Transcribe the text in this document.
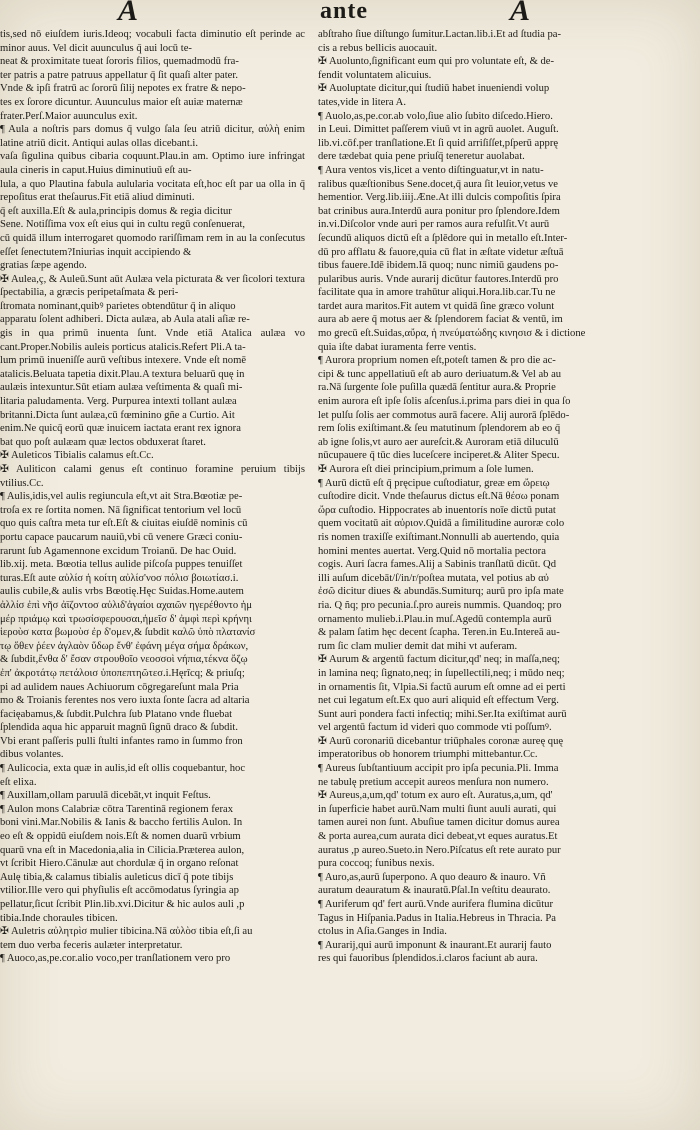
A	ante	A

tis,sed nō eiuſdem iuris.Ideoq; vocabuli facta diminutio eſt perinde ac minor auus. Vel dicit auunculus q̄ aui locū te-

neat & proximitate tueat ſororis filios, quemadmodū fra-

ter patris a patre patruus appellatur q̄ ſit quaſi alter pater.

Vnde & ipſi fratrū ac ſororū ſilij nepotes ex fratre & nepo-

tes ex ſorore dicuntur. Auunculus maior eſt auiæ maternæ

frater.Perſ.Maior auunculus exit.

¶ Aula a noſtris pars domus q̄ vulgo ſala ſeu atriū dicitur, αὐλὴ enim latine atriū dicit. Antiqui aulas ollas dicebant.i.

vaſa ſigulina quibus cibaria coquunt.Plau.in am. Optimo iure infringat aula cineris in caput.Huius diminutiuū eſt au-

lula, a quo Plautina fabula aulularia vocitata eſt,hoc eſt par ua olla in q̄ repoſitus erat theſaurus.Fit etiā aliud diminuti.

q̄ eſt auxilla.Eſt & aula,principis domus & regia dicitur

Sene. Notiſſima vox eſt eius qui in cultu regū conſenuerat,

cū quidā illum interrogaret quomodo rariſſimam rem in au la conſecutus eſſet ſenectutem?Iniurias inquit accipiendo &

gratias ſæpe agendo.

✠ Aulea,ç, & Auleū.Sunt aūt Aulæa vela picturata & ver ſicolori textura ſpectabilia, a græcis peripetaſmata & peri-

ſtromata nominant,quibꝰ parietes obtendūtur q̄ in aliquo

apparatu ſolent adhiberi. Dicta aulæa, ab Aula atali aſiæ re-

gis in qua primū inuenta ſunt. Vnde etiā Atalica aulæa vo cant.Proper.Nobilis auleis porticus atalicis.Refert Pli.A ta-

lum primū inueniſſe aurū veſtibus intexere. Vnde eſt nomē

atalicis.Beluata tapetia dixit.Plau.A textura beluarū quę in

aulæis intexuntur.Sūt etiam aulæa veſtimenta & quaſi mi-

litaria paludamenta. Verg. Purpurea intexti tollant aulæa

britanni.Dicta ſunt aulæa,cū fœminino gñe a Curtio. Ait

enim.Ne quicq̄ eorū quæ inuicem iactata erant rex ignora

bat quo poſt aulæam quæ lectos obduxerat ſtaret.

✠ Auleticos Tibialis calamus eſt.Cc.

✠ Auliticon calami genus eſt continuo foramine peruium tibijs vtilius.Cc.

¶ Aulis,idis,vel aulis regiuncula eſt,vt ait Stra.Bœotiæ pe-

troſa ex re ſortita nomen. Nā ſignificat tentorium vel locū

quo quis caſtra meta tur eſt.Eſt & ciuitas eiuſdē nominis cū

portu capace paucarum nauiū,vbi cū venere Græci coniu-

rarunt ſub Agamennone excidum Troianū. De hac Ouid.

lib.xij. meta. Bœotia tellus aulide piſcoſa puppes tenuiſſet

turas.Eſt aute αὐλίσ ἡ κοίτη αὐλίσ'νοσ πόλισ βοιωτίασ.i.

aulis cubile,& aulis vrbs Bœotię.Hęc Suidas.Home.autem

ἀλλίσ ἐπὶ νῆσ ἀϊζοντοσ αὐλιδ'ἀγαίοι αχαιῶν ηγερέθοντο ἡμ

μέρ πριάμῳ καὶ τρωσίσφερουσαι,ἡμεῖσ δ' ἀμφὶ περὶ κρήνηι

ἱεροὺσ κατα βωμοὺσ ἐρ δ'ομεν,& ſubdit καλῶ ὑπὸ πλατανίσ

τῳ ὅθεν ῥέεν ἀγλαὸν ὕδωρ ἔνθ' ἐφάνη μέγα σήμα δράκων,

& ſubdit,ἔνθα δ' ἔσαν στρουθοῖο νεοσσοὶ νήπια,τέκνα ὄζῳ

ἐπ' ἀκροτάτῳ πετάλοισ ὑποπεπτηῶτεσ.i.Hęrīcq; & priuſq;

pi ad aulidem naues Achiuorum cōgregareſunt mala Pria

mo & Troianis ferentes nos vero iuxta ſonte ſacra ad altaria

facięabamus,& ſubdit.Pulchra ſub Platano vnde fluebat

ſplendida aqua hic apparuit magnū ſignū draco & ſubdit.

Vbi erant paſſeris pulli ſtulti infantes ramo in ſummo fron

dibus volantes.

¶ Aulicocia, exta quæ in aulis,id eſt ollis coquebantur, hoc

eſt elixa.

¶ Auxillam,ollam paruulā dicebāt,vt inquit Feſtus.

¶ Aulon mons Calabriæ cōtra Tarentinā regionem ferax

boni vini.Mar.Nobilis & Ianis & baccho fertilis Aulon. In

eo eſt & oppidū eiuſdem nois.Eſt & nomen duarū vrbium

quarū vna eſt in Macedonia,alia in Cilicia.Præterea aulon,

vt ſcribit Hiero.Cānulæ aut chordulæ q̄ in organo reſonat

Aulę tibia,& calamus tibialis auleticus dicī q̄ pote tibijs

vtilior.Ille vero qui phyſiulis eſt accōmodatus ſyringia ap

pellatur,ſicut ſcribit Plin.lib.xvi.Dicitur & hic aulos auli ,p

tibia.Inde choraules tibicen.

✠ Auletris αὐλητρὶσ mulier tibicina.Nā αὐλὸσ tibia eſt,ſi au

tem duo verba feceris aulæter interpretatur.

¶ Auoco,as,pe.cor.alio voco,per tranſlationem vero pro

abſtraho ſiue diſtungo ſumitur.Lactan.lib.i.Et ad ſtudia pa-

cis a rebus bellicis auocauit.

✠ Auolunto,ſignificant eum qui pro voluntate eſt, & de-

fendit voluntatem alicuius.

✠ Auoluptate dicitur,qui ſtudiū habet inueniendi volup

tates,vide in litera A.

¶ Auolo,as,pe.cor.ab volo,ſiue alio ſubito diſcedo.Hiero.

in Leui. Dimittet paſſerem viuū vt in agrū auolet. Auguſt.

lib.vi.cōf.per tranſlatione.Et ſi quid arriſiſſet,pſperū apprę

dere tædebat quia pene priuſq̄ teneretur auolabat.

¶ Aura ventos vis,licet a vento diſtinguatur,vt in natu-

ralibus quæſtionibus Sene.docet,q̄ aura ſit leuior,vetus ve

hementior. Verg.lib.iiij.Æne.At illi dulcis compoſitis ſpira

bat crinibus aura.Interdū aura ponitur pro ſplendore.Idem

in.vi.Diſcolor vnde auri per ramos aura refulſit.Vt aurū

ſecundū aliquos dictū eſt a ſplēdore qui in metallo eſt.Inter-

dū pro afflatu & fauore,quia cū flat in æſtate videtur æſtuā

tibus fauere.Idē ibidem.Iā quoq; nunc nimiū gaudens po-

pularibus auris. Vnde aurarij dicūtur fautores.Interdū pro

facilitate qua in amore trahūtur aliqui.Hora.lib.car.Tu ne

tardet aura maritos.Fit autem vt quidā ſine græco volunt

aura ab aere q̄ motus aer & ſplendorem faciat & ventū, im

mo grecū eſt.Suidas,αὔρα, ἡ πνεύματώδης κινησισ & i dictione

quia iſte dabat iuramenta ferre ventis.

¶ Aurora proprium nomen eſt,poteſt tamen & pro die ac-

cipi & tunc appellatiuū eſt ab auro deriuatum.& Vel ab au

ra.Nā ſurgente ſole puſilla quædā ſentitur aura.& Proprie

enim aurora eſt ipſe ſolis aſcenſus.i.prima pars diei in qua ſo

let pulſu ſolis aer commotus aurā facere. Alij aurorā ſplēdo-

rem ſolis exiſtimant.& ſeu matutinum ſplendorem ab eo q̄

ab igne ſolis,vt auro aer aureſcit.& Auroram etiā diluculū

nūcupauere q̄ tūc dies luceſcere inciperet.& Aliter Specu.

✠ Aurora eſt diei principium,primum a ſole lumen.

¶ Aurū dictū eſt q̄ pręcipue cuſtodiatur, greæ em ὤρειῳ

cuſtodire dicit. Vnde theſaurus dictus eſt.Nā θέσω ponam

ὤρα cuſtodio. Hippocrates ab inuentorís noīe dictū putat

quem vocitatū ait αὐριον.Quidā a ſimilitudine auroræ colo

ris nomen traxiſſe exiſtimant.Nonnulli ab auertendo, quia

homini mentes auertat. Verg.Quid nō mortalia pectora

cogis. Auri ſacra fames.Alij a Sabinis tranſlatū dicūt. Qd

illi auſum dicebāt/ſ/in/r/poſtea mutata, vel potius ab αὐ

ἐσῶ dicitur diues & abundās.Sumiturq; aurū pro ipſa mate

ria. Q ñq; pro pecunia.ſ.pro aureis nummis. Quandoq; pro

ornamento mulieb.i.Plau.in muſ.Agedū contempla aurū

& palam ſatim hęc decent ſcapha. Teren.in Eu.Intereā au-

rum ſic clam mulier demit dat mihi vt auferam.

✠ Aurum & argentū factum dicitur,qd' neq; in maſſa,neq;

in lamina neq; ſignato,neq; in ſupellectili,neq; i mūdo neq;

in ornamentis ſit, Vlpia.Si factū aurum eſt omne ad ei perti

net cui legatum eſt.Ex quo auri aliquid eſt effectum Verg.

Sunt auri pondera facti infectiq; mihi.Ser.Ita exiſtimat aurū

vel argentū factum id videri quo commode vti poſſumꝰ.

✠ Aurū coronariū dicebantur triūphales coronæ aureę quę

imperatoribus ob honorem triumphi mittebantur.Cc.

¶ Aureus ſubſtantiuum accipit pro ipſa pecunia.Pli. Imma

ne tabulę pretium accepit aureos menſura non numero.

✠ Aureus,a,um,qd' totum ex auro eſt. Auratus,a,um, qd'

in ſuperficie habet aurū.Nam multi ſiunt auuli aurati, qui

tamen aurei non ſunt. Abuſiue tamen dicitur domus aurea

& porta aurea,cum aurata dici debeat,vt eques auratus.Et

auratus ,p aureo.Sueto.in Nero.Piſcatus eſt rete aurato pur

pura coccoq; funibus nexis.

¶ Auro,as,aurū ſuperpono. A quo deauro & inauro. Vñ

auratum deauratum & inauratū.Pſal.In veſtitu deaurato.

¶ Auriferum qd' fert aurū.Vnde aurifera flumina dicūtur

Tagus in Hiſpania.Padus in Italia.Hebreus in Thracia. Pa

ctolus in Aſia.Ganges in India.

¶ Aurarij,qui aurū imponunt & inaurant.Et aurarij fauto

res qui fauoribus ſplendidos.i.claros faciunt ab aura.
